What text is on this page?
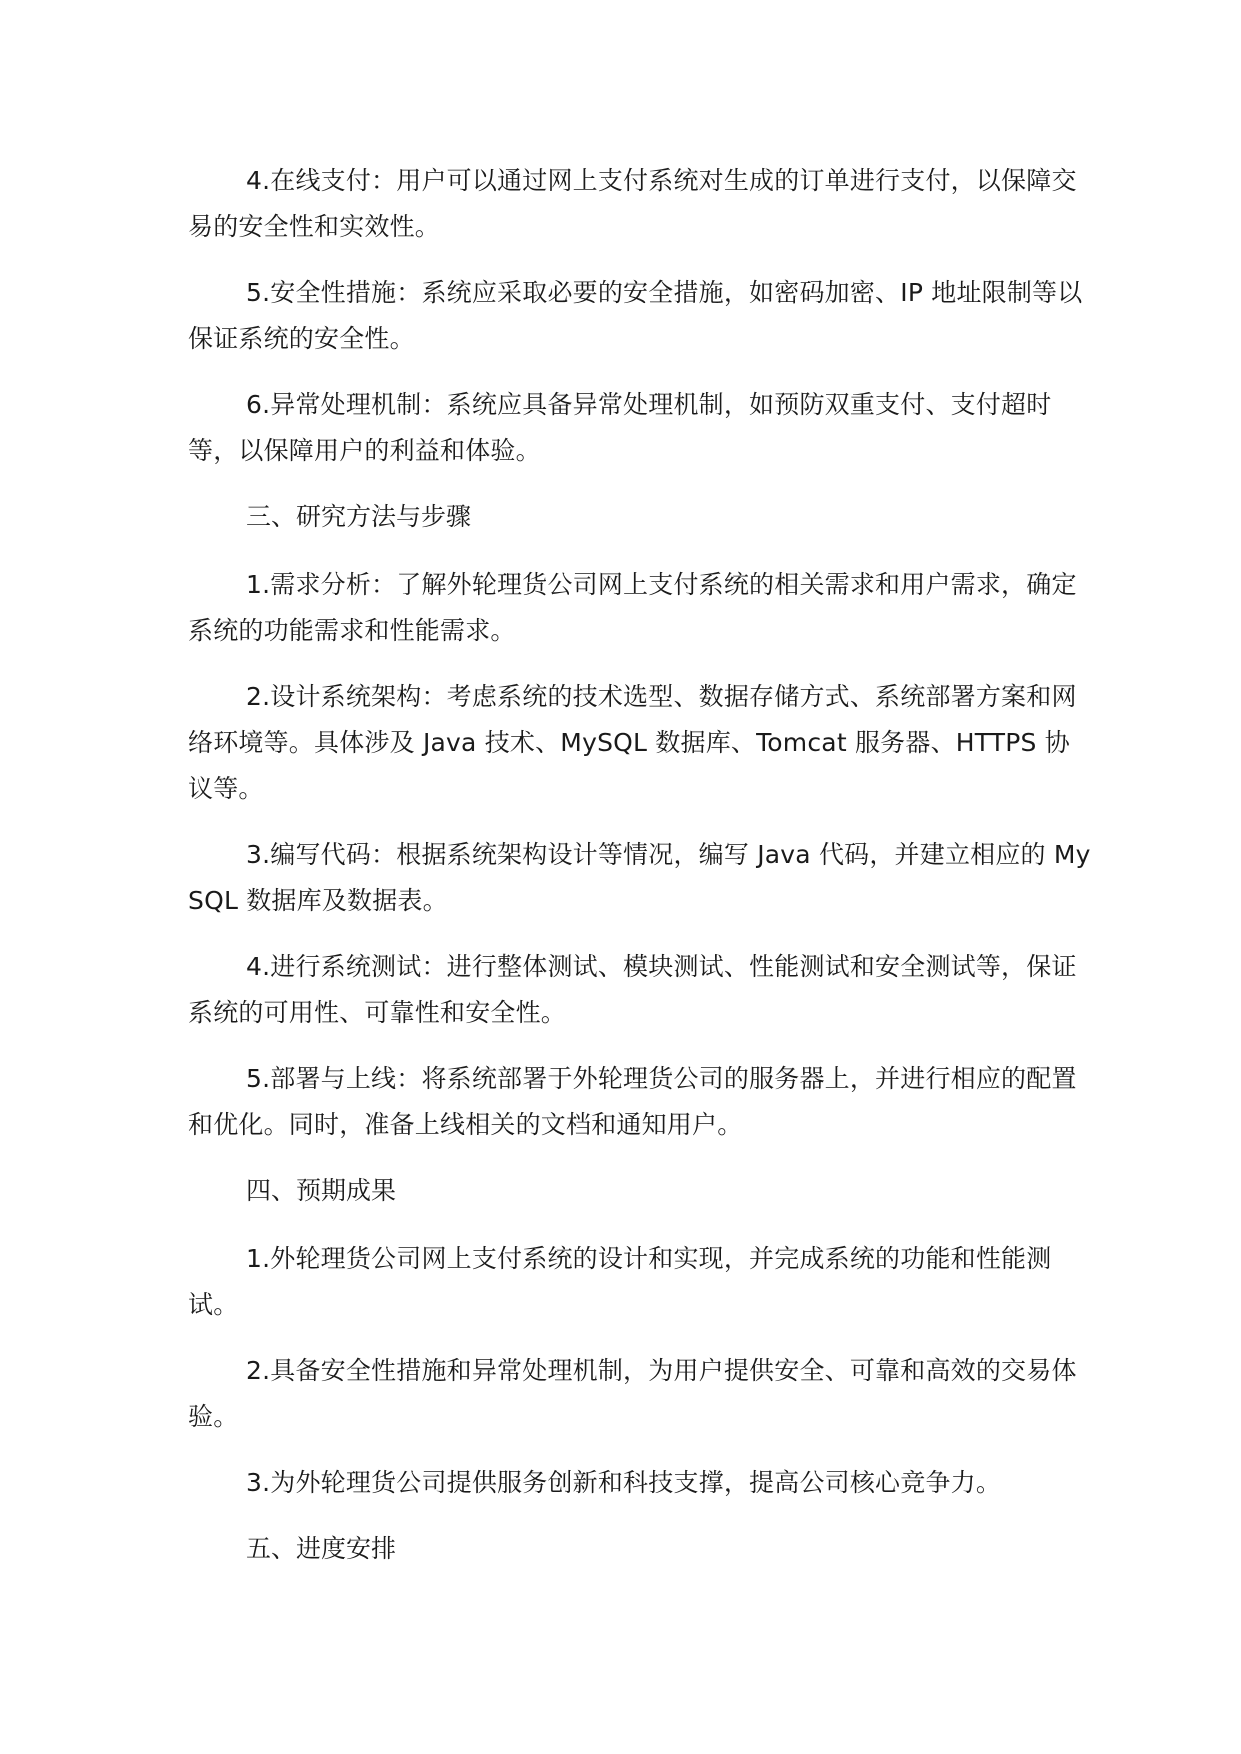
4.在线支付：用户可以通过网上支付系统对生成的订单进行支付，以保障交易的安全性和实效性。

5.安全性措施：系统应采取必要的安全措施，如密码加密、IP 地址限制等以保证系统的安全性。

6.异常处理机制：系统应具备异常处理机制，如预防双重支付、支付超时等，以保障用户的利益和体验。

三、研究方法与步骤

1.需求分析：了解外轮理货公司网上支付系统的相关需求和用户需求，确定系统的功能需求和性能需求。

2.设计系统架构：考虑系统的技术选型、数据存储方式、系统部署方案和网络环境等。具体涉及 Java 技术、MySQL 数据库、Tomcat 服务器、HTTPS 协议等。

3.编写代码：根据系统架构设计等情况，编写 Java 代码，并建立相应的 MySQL 数据库及数据表。

4.进行系统测试：进行整体测试、模块测试、性能测试和安全测试等，保证系统的可用性、可靠性和安全性。

5.部署与上线：将系统部署于外轮理货公司的服务器上，并进行相应的配置和优化。同时，准备上线相关的文档和通知用户。

四、预期成果

1.外轮理货公司网上支付系统的设计和实现，并完成系统的功能和性能测试。

2.具备安全性措施和异常处理机制，为用户提供安全、可靠和高效的交易体验。

3.为外轮理货公司提供服务创新和科技支撑，提高公司核心竞争力。

五、进度安排
